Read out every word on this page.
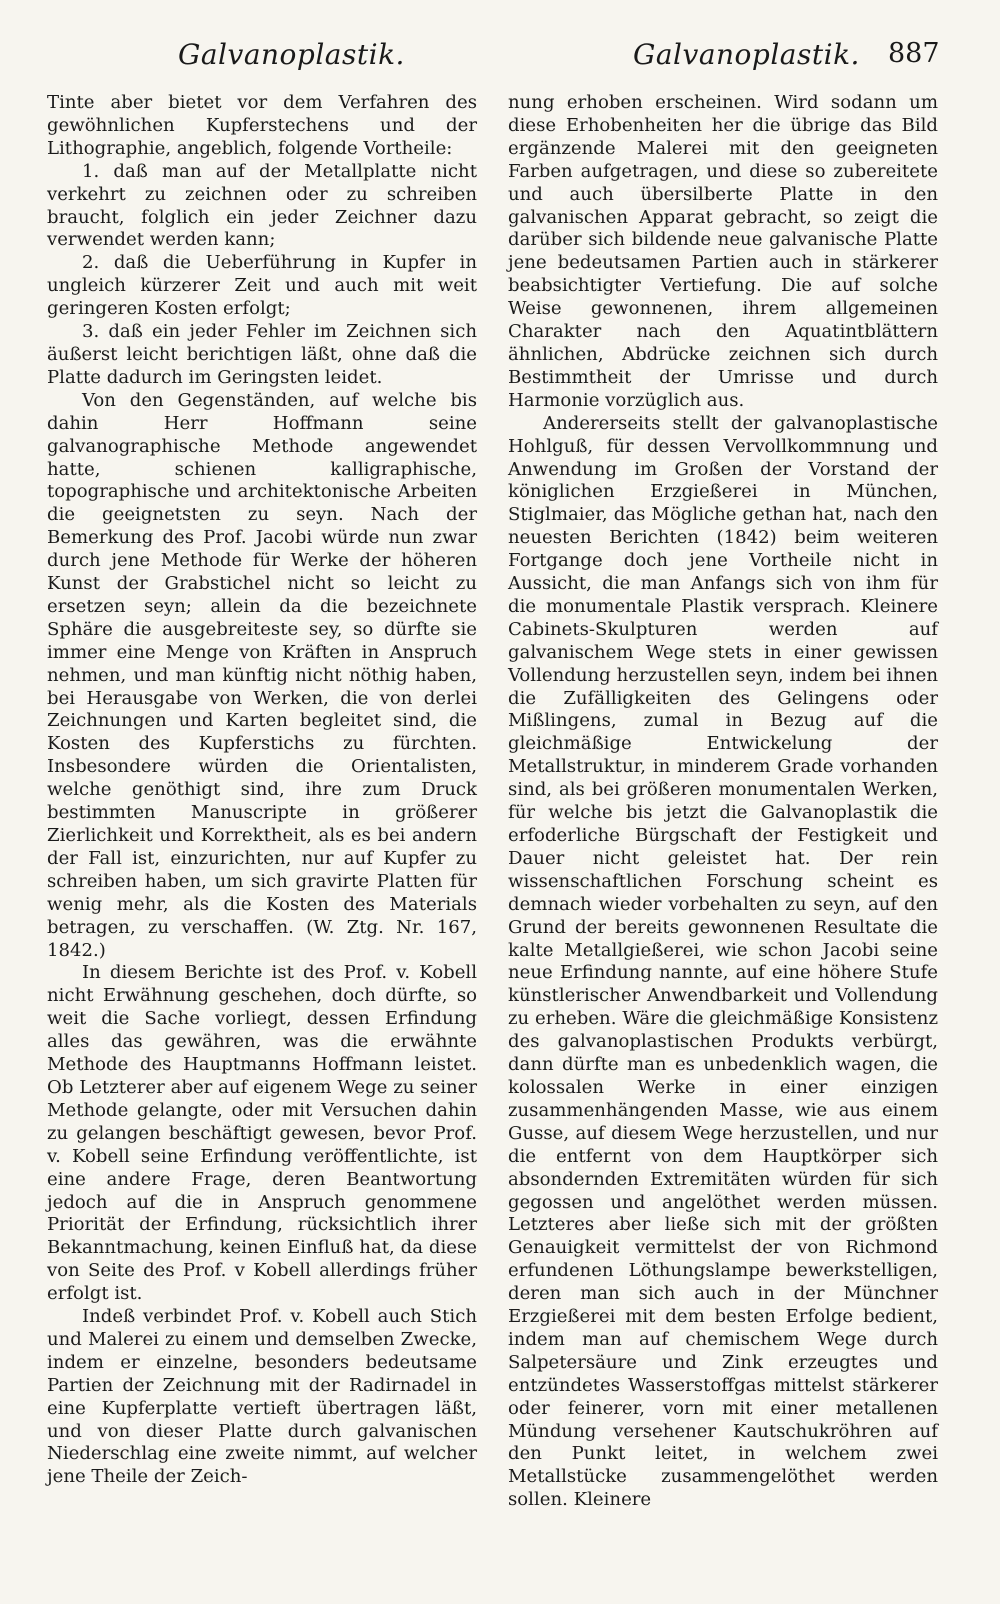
Galvanoplastik.	Galvanoplastik. 887

Tinte aber bietet vor dem Verfahren des gewöhnlichen Kupferstechens und der Lithographie, angeblich, folgende Vortheile:

1. daß man auf der Metallplatte nicht verkehrt zu zeichnen oder zu schreiben braucht, folglich ein jeder Zeichner dazu verwendet werden kann;

2. daß die Ueberführung in Kupfer in ungleich kürzerer Zeit und auch mit weit geringeren Kosten erfolgt;

3. daß ein jeder Fehler im Zeichnen sich äußerst leicht berichtigen läßt, ohne daß die Platte dadurch im Geringsten leidet.

Von den Gegenständen, auf welche bis dahin Herr Hoffmann seine galvanographische Methode angewendet hatte, schienen kalligraphische, topographische und architektonische Arbeiten die geeignetsten zu seyn. Nach der Bemerkung des Prof. Jacobi würde nun zwar durch jene Methode für Werke der höheren Kunst der Grabstichel nicht so leicht zu ersetzen seyn; allein da die bezeichnete Sphäre die ausgebreiteste sey, so dürfte sie immer eine Menge von Kräften in Anspruch nehmen, und man künftig nicht nöthig haben, bei Herausgabe von Werken, die von derlei Zeichnungen und Karten begleitet sind, die Kosten des Kupferstichs zu fürchten. Insbesondere würden die Orientalisten, welche genöthigt sind, ihre zum Druck bestimmten Manuscripte in größerer Zierlichkeit und Korrektheit, als es bei andern der Fall ist, einzurichten, nur auf Kupfer zu schreiben haben, um sich gravirte Platten für wenig mehr, als die Kosten des Materials betragen, zu verschaffen. (W. Ztg. Nr. 167, 1842.)

In diesem Berichte ist des Prof. v. Kobell nicht Erwähnung geschehen, doch dürfte, so weit die Sache vorliegt, dessen Erfindung alles das gewähren, was die erwähnte Methode des Hauptmanns Hoffmann leistet. Ob Letzterer aber auf eigenem Wege zu seiner Methode gelangte, oder mit Versuchen dahin zu gelangen beschäftigt gewesen, bevor Prof. v. Kobell seine Erfindung veröffentlichte, ist eine andere Frage, deren Beantwortung jedoch auf die in Anspruch genommene Priorität der Erfindung, rücksichtlich ihrer Bekanntmachung, keinen Einfluß hat, da diese von Seite des Prof. v Kobell allerdings früher erfolgt ist.

Indeß verbindet Prof. v. Kobell auch Stich und Malerei zu einem und demselben Zwecke, indem er einzelne, besonders bedeutsame Partien der Zeichnung mit der Radirnadel in eine Kupferplatte vertieft übertragen läßt, und von dieser Platte durch galvanischen Niederschlag eine zweite nimmt, auf welcher jene Theile der Zeich-

nung erhoben erscheinen. Wird sodann um diese Erhobenheiten her die übrige das Bild ergänzende Malerei mit den geeigneten Farben aufgetragen, und diese so zubereitete und auch übersilberte Platte in den galvanischen Apparat gebracht, so zeigt die darüber sich bildende neue galvanische Platte jene bedeutsamen Partien auch in stärkerer beabsichtigter Vertiefung. Die auf solche Weise gewonnenen, ihrem allgemeinen Charakter nach den Aquatintblättern ähnlichen, Abdrücke zeichnen sich durch Bestimmtheit der Umrisse und durch Harmonie vorzüglich aus.

Andererseits stellt der galvanoplastische Hohlguß, für dessen Vervollkommnung und Anwendung im Großen der Vorstand der königlichen Erzgießerei in München, Stiglmaier, das Mögliche gethan hat, nach den neuesten Berichten (1842) beim weiteren Fortgange doch jene Vortheile nicht in Aussicht, die man Anfangs sich von ihm für die monumentale Plastik versprach. Kleinere Cabinets-Skulpturen werden auf galvanischem Wege stets in einer gewissen Vollendung herzustellen seyn, indem bei ihnen die Zufälligkeiten des Gelingens oder Mißlingens, zumal in Bezug auf die gleichmäßige Entwickelung der Metallstruktur, in minderem Grade vorhanden sind, als bei größeren monumentalen Werken, für welche bis jetzt die Galvanoplastik die erfoderliche Bürgschaft der Festigkeit und Dauer nicht geleistet hat. Der rein wissenschaftlichen Forschung scheint es demnach wieder vorbehalten zu seyn, auf den Grund der bereits gewonnenen Resultate die kalte Metallgießerei, wie schon Jacobi seine neue Erfindung nannte, auf eine höhere Stufe künstlerischer Anwendbarkeit und Vollendung zu erheben. Wäre die gleichmäßige Konsistenz des galvanoplastischen Produkts verbürgt, dann dürfte man es unbedenklich wagen, die kolossalen Werke in einer einzigen zusammenhängenden Masse, wie aus einem Gusse, auf diesem Wege herzustellen, und nur die entfernt von dem Hauptkörper sich absondernden Extremitäten würden für sich gegossen und angelöthet werden müssen. Letzteres aber ließe sich mit der größten Genauigkeit vermittelst der von Richmond erfundenen Löthungslampe bewerkstelligen, deren man sich auch in der Münchner Erzgießerei mit dem besten Erfolge bedient, indem man auf chemischem Wege durch Salpetersäure und Zink erzeugtes und entzündetes Wasserstoffgas mittelst stärkerer oder feinerer, vorn mit einer metallenen Mündung versehener Kautschukröhren auf den Punkt leitet, in welchem zwei Metallstücke zusammengelöthet werden sollen. Kleinere
